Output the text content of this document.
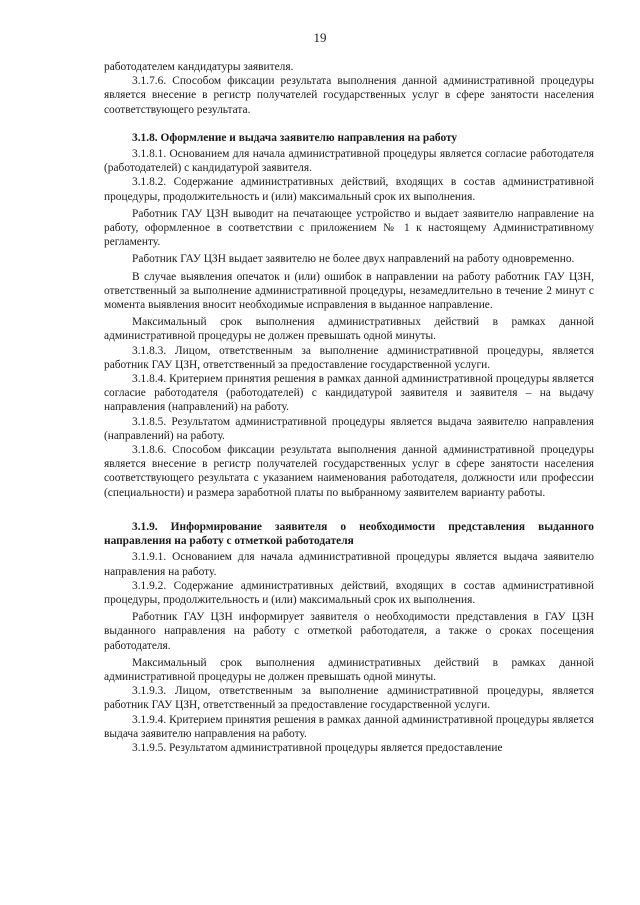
19

работодателем кандидатуры заявителя.

3.1.7.6. Способом фиксации результата выполнения данной административной процедуры является внесение в регистр получателей государственных услуг в сфере занятости населения соответствующего результата.

3.1.8. Оформление и выдача заявителю направления на работу

3.1.8.1. Основанием для начала административной процедуры является согласие работодателя (работодателей) с кандидатурой заявителя.

3.1.8.2. Содержание административных действий, входящих в состав административной процедуры, продолжительность и (или) максимальный срок их выполнения.

Работник ГАУ ЦЗН выводит на печатающее устройство и выдает заявителю направление на работу, оформленное в соответствии с приложением № 1 к настоящему Административному регламенту.

Работник ГАУ ЦЗН выдает заявителю не более двух направлений на работу одновременно.

В случае выявления опечаток и (или) ошибок в направлении на работу работник ГАУ ЦЗН, ответственный за выполнение административной процедуры, незамедлительно в течение 2 минут с момента выявления вносит необходимые исправления в выданное направление.

Максимальный срок выполнения административных действий в рамках данной административной процедуры не должен превышать одной минуты.

3.1.8.3. Лицом, ответственным за выполнение административной процедуры, является работник ГАУ ЦЗН, ответственный за предоставление государственной услуги.

3.1.8.4. Критерием принятия решения в рамках данной административной процедуры является согласие работодателя (работодателей) с кандидатурой заявителя и заявителя – на выдачу направления (направлений) на работу.

3.1.8.5. Результатом административной процедуры является выдача заявителю направления (направлений) на работу.

3.1.8.6. Способом фиксации результата выполнения данной административной процедуры является внесение в регистр получателей государственных услуг в сфере занятости населения соответствующего результата с указанием наименования работодателя, должности или профессии (специальности) и размера заработной платы по выбранному заявителем варианту работы.

3.1.9. Информирование заявителя о необходимости представления выданного направления на работу с отметкой работодателя

3.1.9.1. Основанием для начала административной процедуры является выдача заявителю направления на работу.

3.1.9.2. Содержание административных действий, входящих в состав административной процедуры, продолжительность и (или) максимальный срок их выполнения.

Работник ГАУ ЦЗН информирует заявителя о необходимости представления в ГАУ ЦЗН выданного направления на работу с отметкой работодателя, а также о сроках посещения работодателя.

Максимальный срок выполнения административных действий в рамках данной административной процедуры не должен превышать одной минуты.

3.1.9.3. Лицом, ответственным за выполнение административной процедуры, является работник ГАУ ЦЗН, ответственный за предоставление государственной услуги.

3.1.9.4. Критерием принятия решения в рамках данной административной процедуры является выдача заявителю направления на работу.

3.1.9.5. Результатом административной процедуры является предоставление
